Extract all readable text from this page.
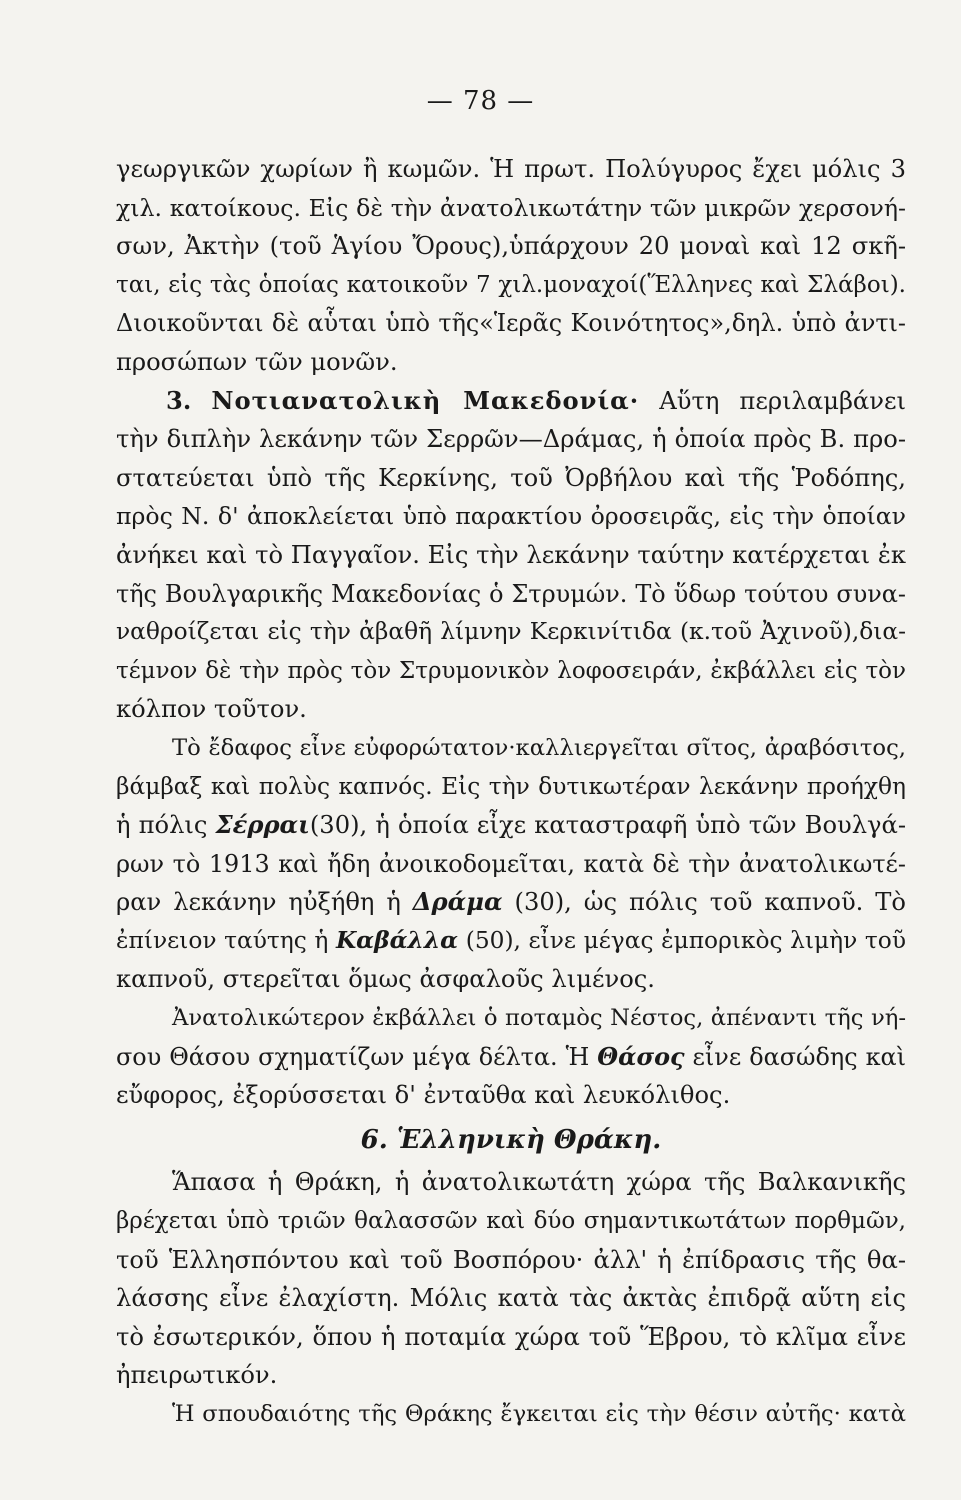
— 78 —

γεωργικῶν χωρίων ἢ κωμῶν. Ἡ πρωτ. Πολύγυρος ἔχει μόλις 3
χιλ. κατοίκους. Εἰς δὲ τὴν ἀνατολικωτάτην τῶν μικρῶν χερσονή-
σων, Ἀκτὴν (τοῦ Ἁγίου Ὄρους),ὑπάρχουν 20 μοναὶ καὶ 12 σκῆ-
ται, εἰς τὰς ὁποίας κατοικοῦν 7 χιλ.μοναχοί(Ἕλληνες καὶ Σλάβοι).
Διοικοῦνται δὲ αὗται ὑπὸ τῆς«Ἱερᾶς Κοινότητος»,δηλ. ὑπὸ ἀντι-
προσώπων τῶν μονῶν.

3. Νοτιανατολικὴ Μακεδονία· Αὕτη περιλαμβάνει
τὴν διπλὴν λεκάνην τῶν Σερρῶν—Δράμας, ἡ ὁποία πρὸς Β. προ-
στατεύεται ὑπὸ τῆς Κερκίνης, τοῦ Ὀρβήλου καὶ τῆς Ῥοδόπης,
πρὸς Ν. δ' ἀποκλείεται ὑπὸ παρακτίου ὀροσειρᾶς, εἰς τὴν ὁποίαν
ἀνήκει καὶ τὸ Παγγαῖον. Εἰς τὴν λεκάνην ταύτην κατέρχεται ἐκ
τῆς Βουλγαρικῆς Μακεδονίας ὁ Στρυμών. Τὸ ὕδωρ τούτου συνα-
ναθροίζεται εἰς τὴν ἀβαθῆ λίμνην Κερκινίτιδα (κ.τοῦ Ἀχινοῦ),δια-
τέμνον δὲ τὴν πρὸς τὸν Στρυμονικὸν λοφοσειράν, ἐκβάλλει εἰς τὸν
κόλπον τοῦτον.

Τὸ ἔδαφος εἶνε εὐφορώτατον·καλλιεργεῖται σῖτος, ἀραβόσιτος,
βάμβαξ καὶ πολὺς καπνός. Εἰς τὴν δυτικωτέραν λεκάνην προήχθη
ἡ πόλις Σέρραι(30), ἡ ὁποία εἶχε καταστραφῆ ὑπὸ τῶν Βουλγά-
ρων τὸ 1913 καὶ ἤδη ἀνοικοδομεῖται, κατὰ δὲ τὴν ἀνατολικωτέ-
ραν λεκάνην ηὐξήθη ἡ Δράμα (30), ὡς πόλις τοῦ καπνοῦ. Τὸ
ἐπίνειον ταύτης ἡ Καβάλλα (50), εἶνε μέγας ἐμπορικὸς λιμὴν τοῦ
καπνοῦ, στερεῖται ὅμως ἀσφαλοῦς λιμένος.

Ἀνατολικώτερον ἐκβάλλει ὁ ποταμὸς Νέστος, ἀπέναντι τῆς νή-
σου Θάσου σχηματίζων μέγα δέλτα. Ἡ Θάσος εἶνε δασώδης καὶ
εὔφορος, ἐξορύσσεται δ' ἐνταῦθα καὶ λευκόλιθος.

6. Ἑλληνικὴ Θράκη.

Ἅπασα ἡ Θράκη, ἡ ἀνατολικωτάτη χώρα τῆς Βαλκανικῆς
βρέχεται ὑπὸ τριῶν θαλασσῶν καὶ δύο σημαντικωτάτων πορθμῶν,
τοῦ Ἑλλησπόντου καὶ τοῦ Βοσπόρου· ἀλλ' ἡ ἐπίδρασις τῆς θα-
λάσσης εἶνε ἐλαχίστη. Μόλις κατὰ τὰς ἀκτὰς ἐπιδρᾷ αὕτη εἰς
τὸ ἐσωτερικόν, ὅπου ἡ ποταμία χώρα τοῦ Ἕβρου, τὸ κλῖμα εἶνε
ἠπειρωτικόν.

Ἡ σπουδαιότης τῆς Θράκης ἔγκειται εἰς τὴν θέσιν αὐτῆς· κατὰ
